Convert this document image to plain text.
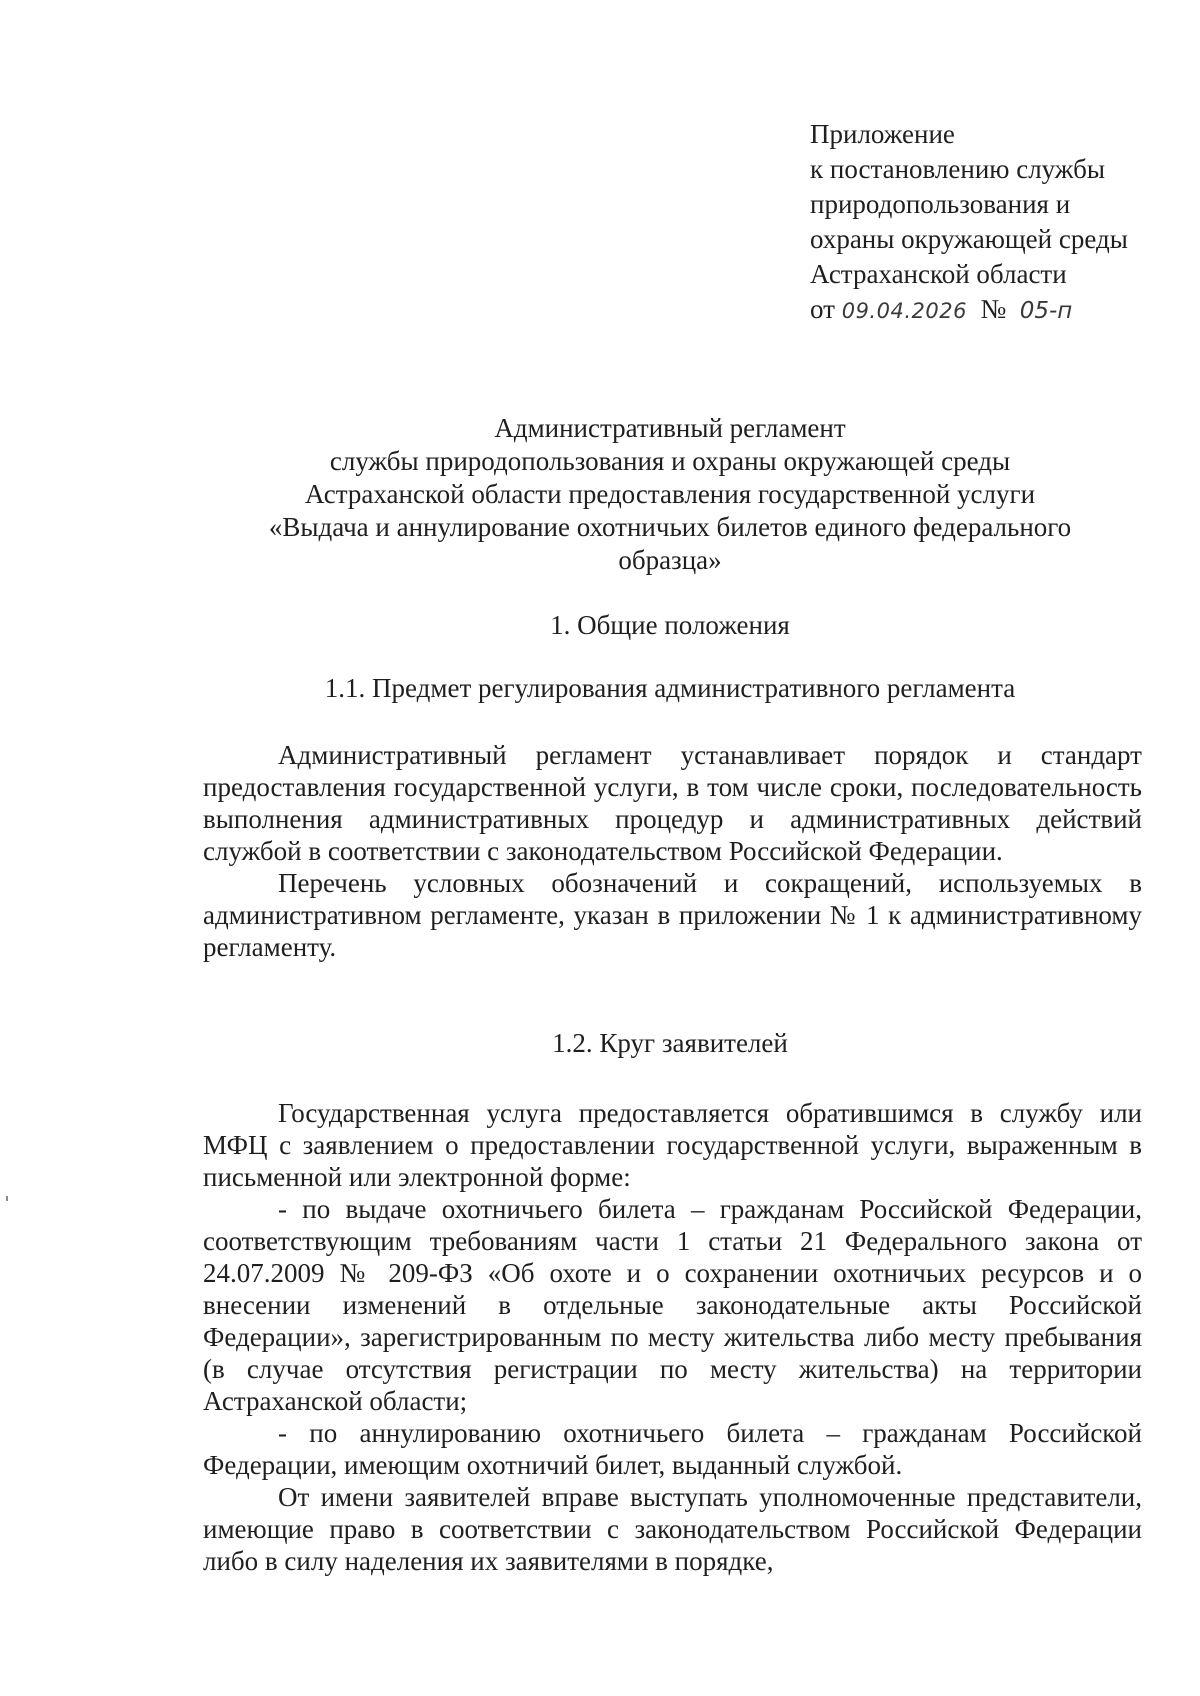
Приложение
к постановлению службы
природопользования и
охраны окружающей среды
Астраханской области
от 09.04.2026 № 05-п
Административный регламент
службы природопользования и охраны окружающей среды
Астраханской области предоставления государственной услуги
«Выдача и аннулирование охотничьих билетов единого федерального
образца»
1. Общие положения
1.1. Предмет регулирования административного регламента

Административный регламент устанавливает порядок и стандарт предоставления государственной услуги, в том числе сроки, последовательность выполнения административных процедур и административных действий службой в соответствии с законодательством Российской Федерации.

Перечень условных обозначений и сокращений, используемых в административном регламенте, указан в приложении № 1 к административному регламенту.

1.2. Круг заявителей

Государственная услуга предоставляется обратившимся в службу или МФЦ с заявлением о предоставлении государственной услуги, выраженным в письменной или электронной форме:

- по выдаче охотничьего билета – гражданам Российской Федерации, соответствующим требованиям части 1 статьи 21 Федерального закона от 24.07.2009 № 209-ФЗ «Об охоте и о сохранении охотничьих ресурсов и о внесении изменений в отдельные законодательные акты Российской Федерации», зарегистрированным по месту жительства либо месту пребывания (в случае отсутствия регистрации по месту жительства) на территории Астраханской области;

- по аннулированию охотничьего билета – гражданам Российской Федерации, имеющим охотничий билет, выданный службой.

От имени заявителей вправе выступать уполномоченные представители, имеющие право в соответствии с законодательством Российской Федерации либо в силу наделения их заявителями в порядке,
